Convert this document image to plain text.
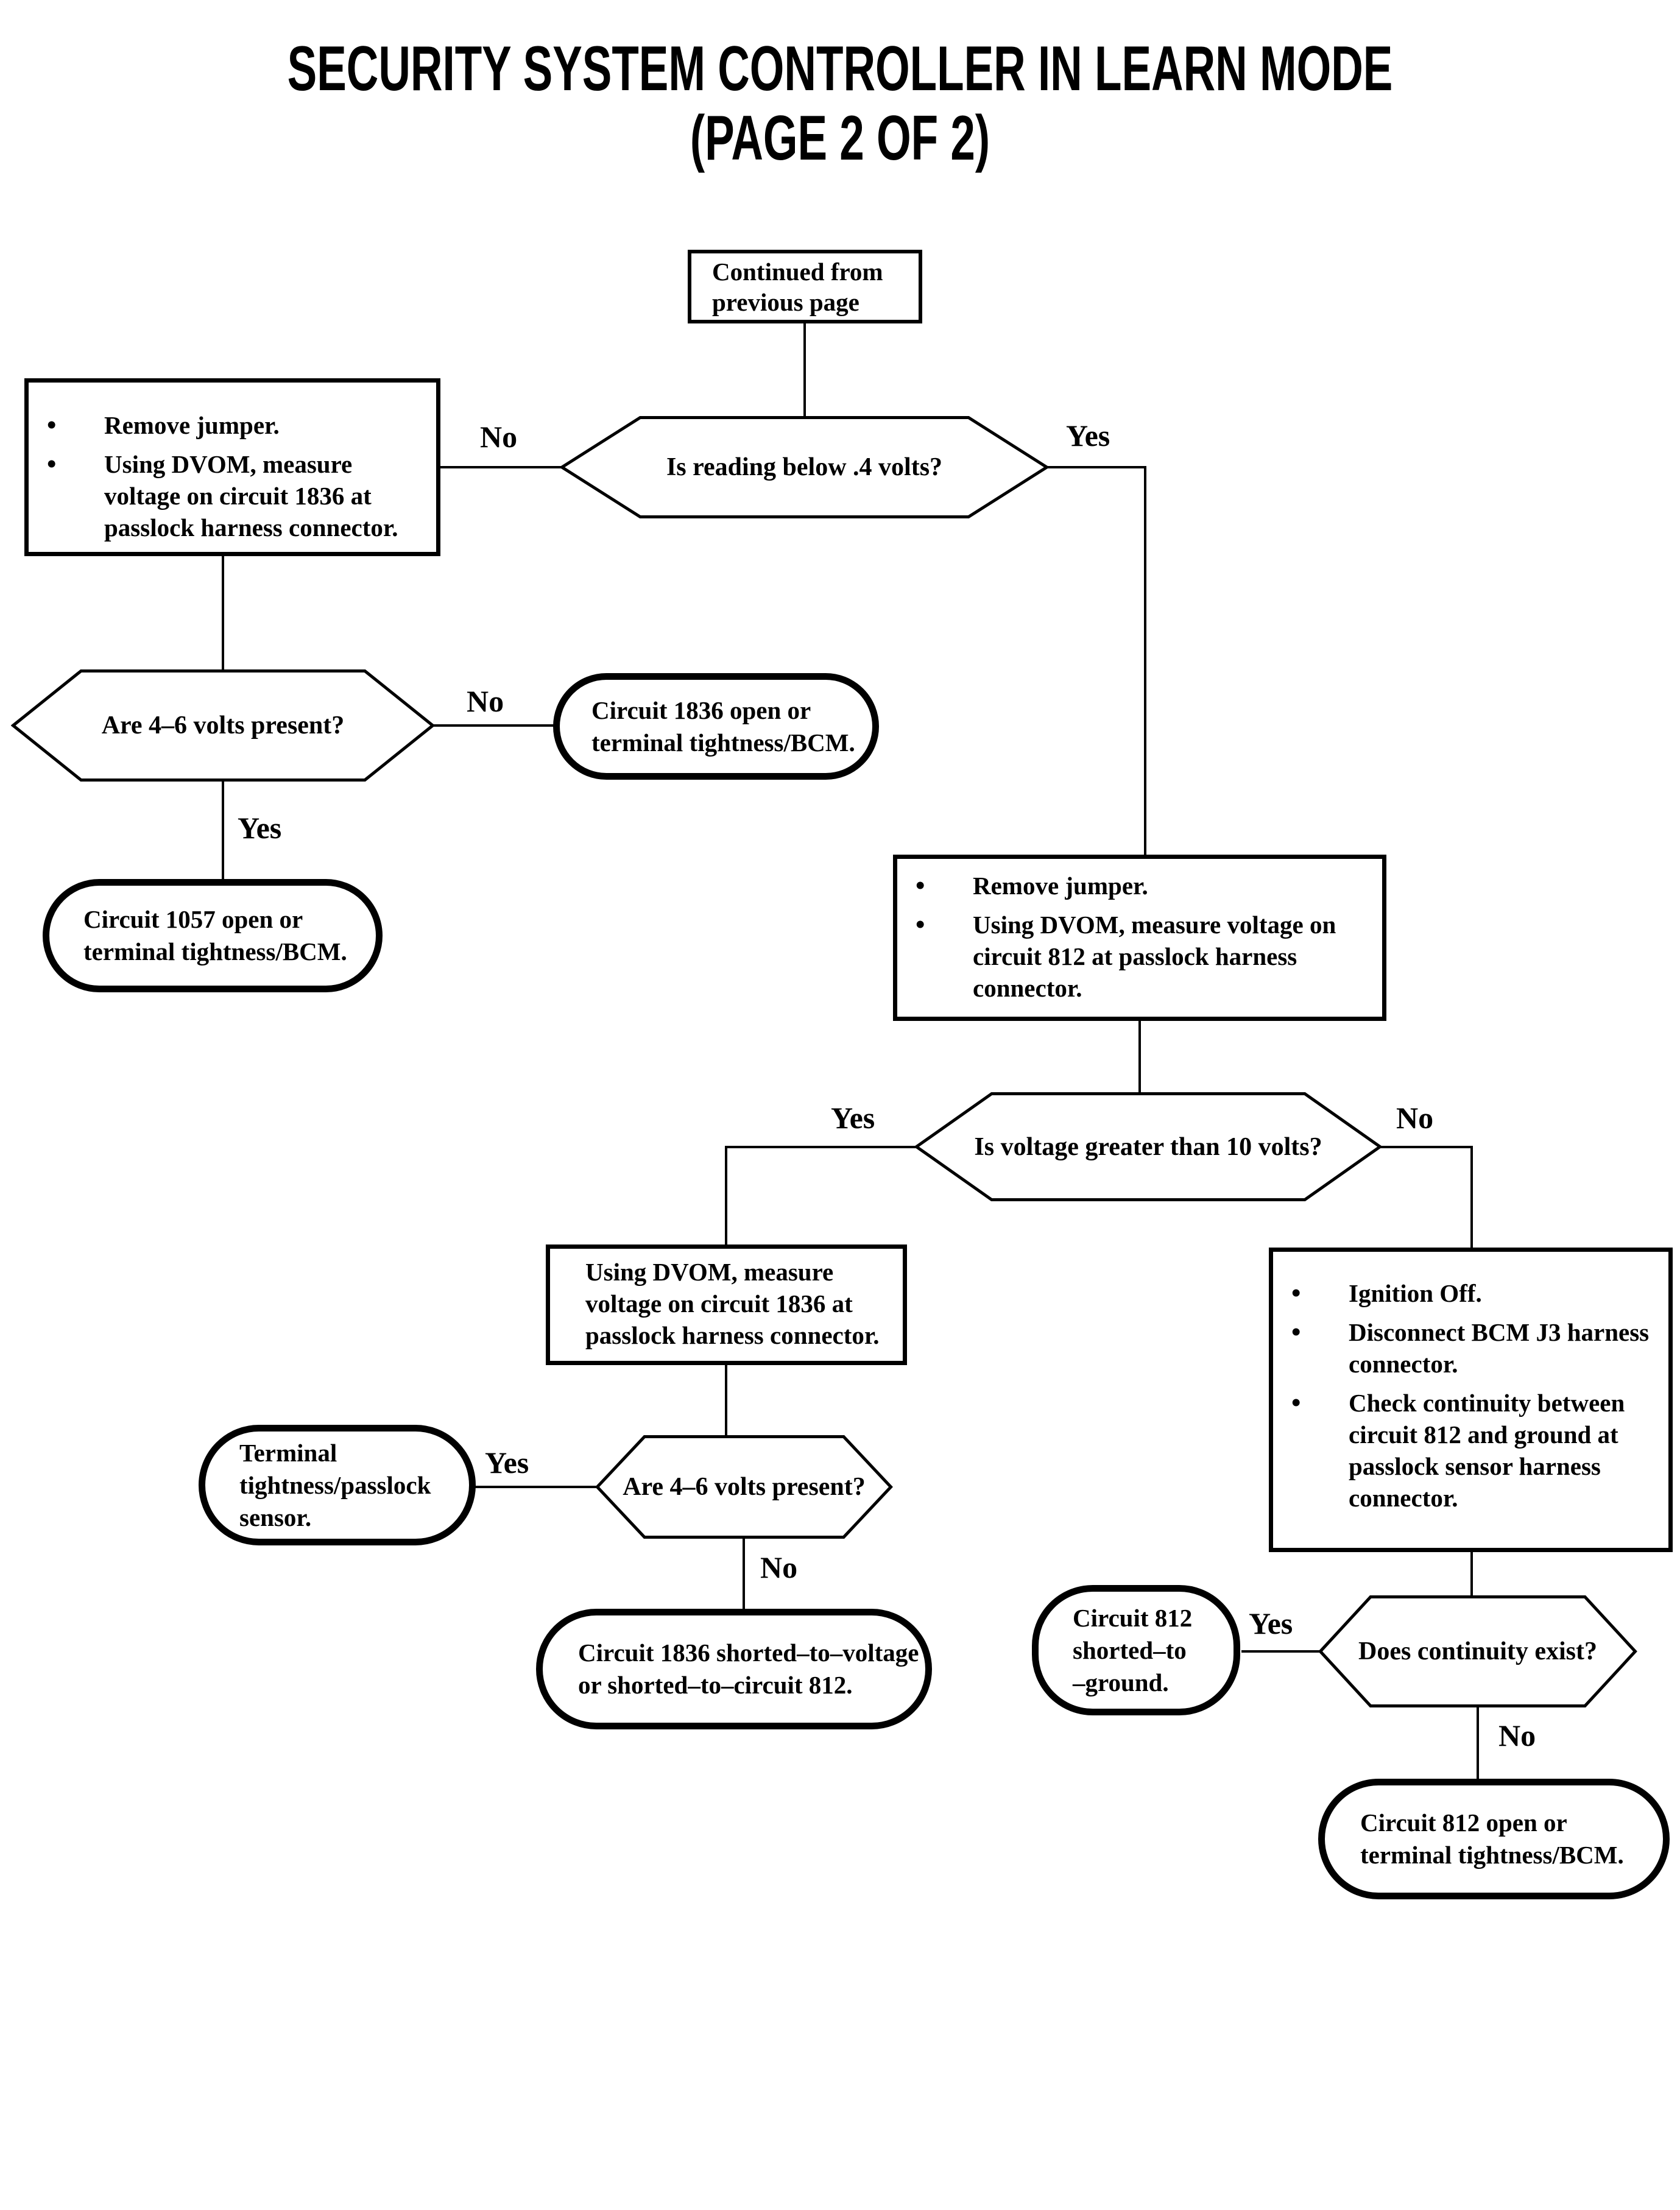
SECURITY SYSTEM CONTROLLER IN LEARN MODE
(PAGE 2 OF 2)
Continued from
previous page
Is reading below .4 volts?
•	Remove jumper.
•	Using DVOM, measure
voltage on circuit 1836 at
passlock harness connector.
Are 4–6 volts present?
Circuit 1836 open or
terminal tightness/BCM.
Circuit 1057 open or
terminal tightness/BCM.
•	Remove jumper.
•	Using DVOM, measure voltage on
circuit 812 at passlock harness
connector.
Is voltage greater than 10 volts?
Using DVOM, measure
voltage on circuit 1836 at
passlock harness connector.
Terminal
tightness/passlock
sensor.
Are 4–6 volts present?
Circuit 1836 shorted–to–voltage
or shorted–to–circuit 812.
•	Ignition Off.
•	Disconnect BCM J3 harness
connector.
•	Check continuity between
circuit 812 and ground at
passlock sensor harness
connector.
Circuit 812
shorted–to
–ground.
Does continuity exist?
Circuit 812 open or
terminal tightness/BCM.
No	Yes
No
Yes
Yes	No
Yes
No
Yes
No
